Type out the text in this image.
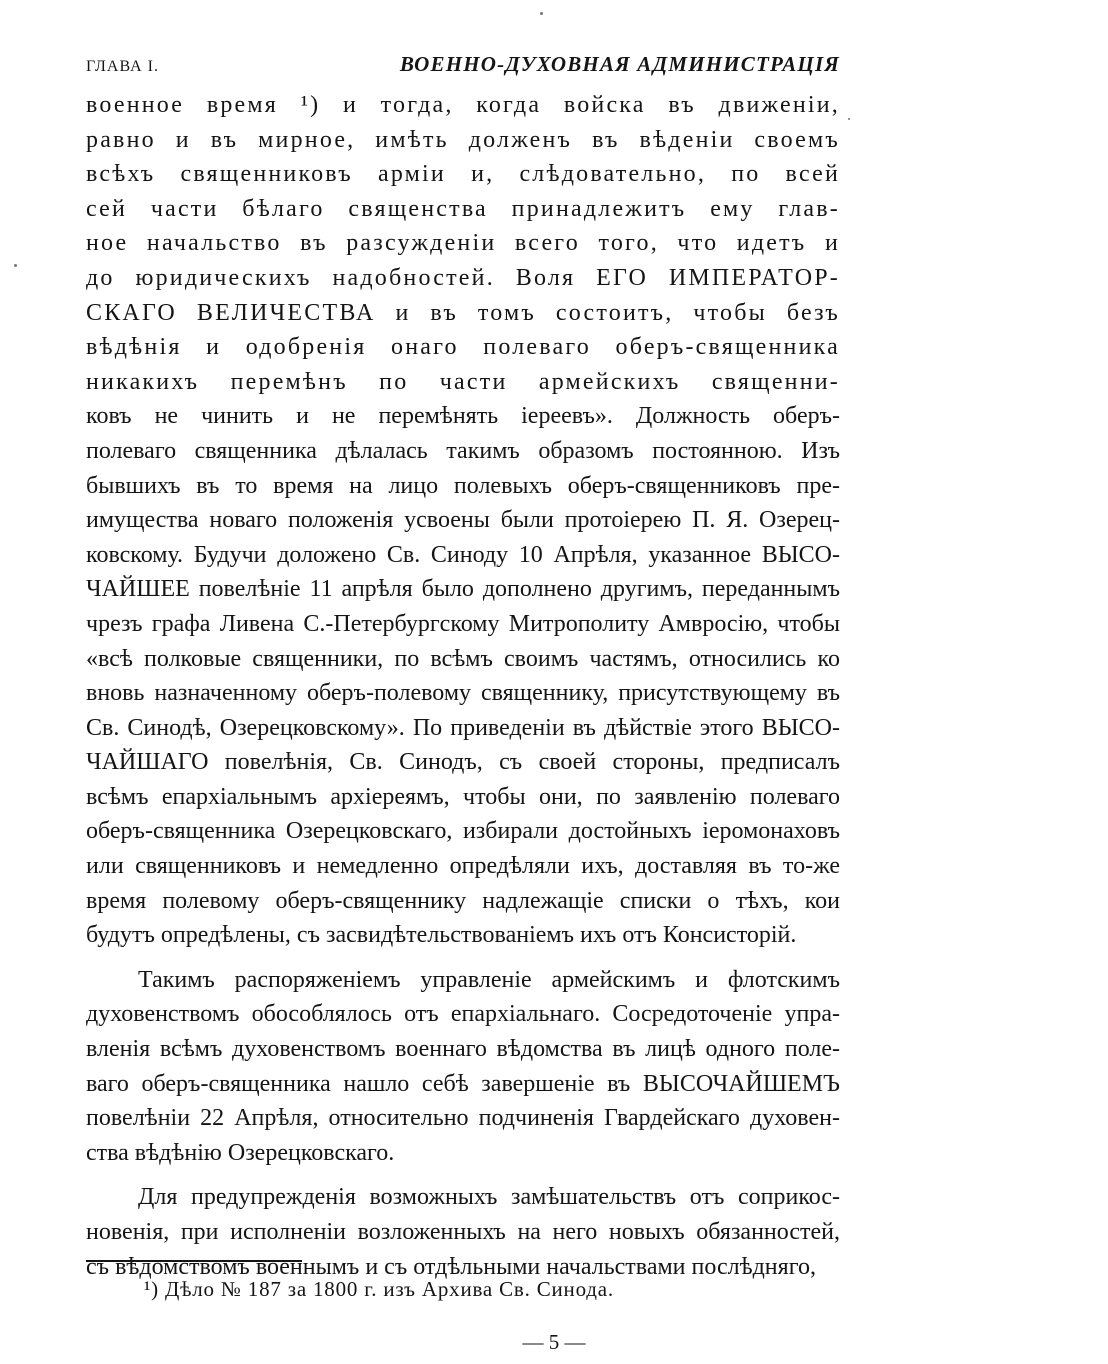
ГЛАВА I.	ВОЕННО-ДУХОВНАЯ АДМИНИСТРАЦІЯ
военное время ¹) и тогда, когда войска въ движеніи,
равно и въ мирное, имѣть долженъ въ вѣденіи своемъ
всѣхъ священниковъ арміи и, слѣдовательно, по всей
сей части бѣлаго священства принадлежитъ ему глав-
ное начальство въ разсужденіи всего того, что идетъ и
до юридическихъ надобностей. Воля ЕГО ИМПЕРАТОР-
СКАГО ВЕЛИЧЕСТВА и въ томъ состоитъ, чтобы безъ
вѣдѣнія и одобренія онаго полеваго оберъ-священника
никакихъ перемѣнъ по части армейскихъ священни-
ковъ не чинить и не перемѣнять іереевъ». Должность оберъ-
полеваго священника дѣлалась такимъ образомъ постоянною. Изъ
бывшихъ въ то время на лицо полевыхъ оберъ-священниковъ пре-
имущества новаго положенія усвоены были протоіерею П. Я. Озерец-
ковскому. Будучи доложено Св. Синоду 10 Апрѣля, указанное ВЫСО-
ЧАЙШЕЕ повелѣніе 11 апрѣля было дополнено другимъ, переданнымъ
чрезъ графа Ливена С.-Петербургскому Митрополиту Амвросію, чтобы
«всѣ полковые священники, по всѣмъ своимъ частямъ, относились ко
вновь назначенному оберъ-полевому священнику, присутствующему въ
Св. Синодѣ, Озерецковскому». По приведеніи въ дѣйствіе этого ВЫСО-
ЧАЙШАГО повелѣнія, Св. Синодъ, съ своей стороны, предписалъ
всѣмъ епархіальнымъ архіереямъ, чтобы они, по заявленію полеваго
оберъ-священника Озерецковскаго, избирали достойныхъ іеромонаховъ
или священниковъ и немедленно опредѣляли ихъ, доставляя въ то-же
время полевому оберъ-священнику надлежащіе списки о тѣхъ, кои
будутъ опредѣлены, съ засвидѣтельствованіемъ ихъ отъ Консисторій.
Такимъ распоряженіемъ управленіе армейскимъ и флотскимъ
духовенствомъ обособлялось отъ епархіальнаго. Сосредоточеніе упра-
вленія всѣмъ духовенствомъ военнаго вѣдомства въ лицѣ одного поле-
ваго оберъ-священника нашло себѣ завершеніе въ ВЫСОЧАЙШЕМЪ
повелѣніи 22 Апрѣля, относительно подчиненія Гвардейскаго духовен-
ства вѣдѣнію Озерецковскаго.
Для предупрежденія возможныхъ замѣшательствъ отъ соприкос-
новенія, при исполненіи возложенныхъ на него новыхъ обязанностей,
съ вѣдомствомъ военнымъ и съ отдѣльными начальствами послѣдняго,
¹) Дѣло № 187 за 1800 г. изъ Архива Св. Синода.
— 5 —
